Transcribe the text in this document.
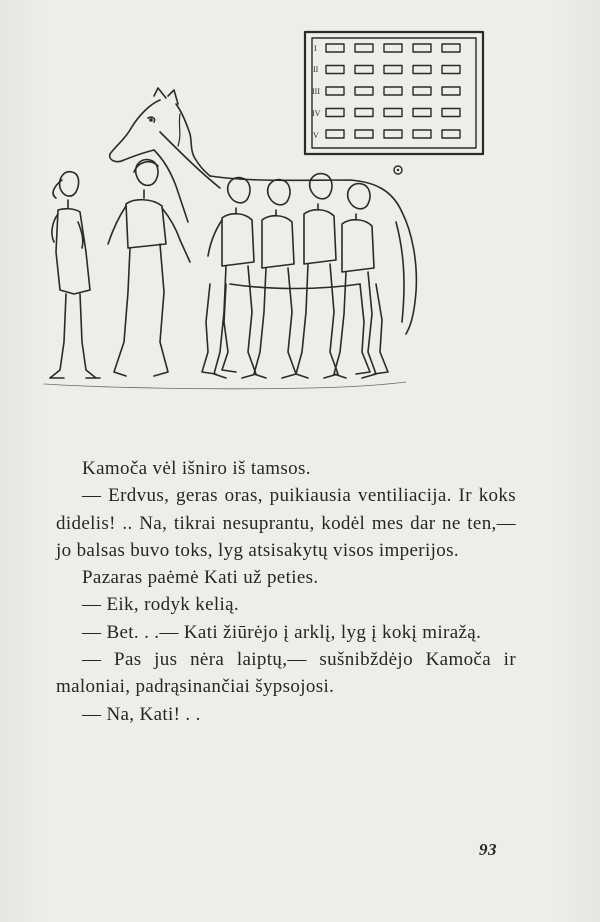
I
II
III
IV
V

Kamoča vėl išniro iš tamsos.

— Erdvus, geras oras, puikiausia ventiliacija. Ir koks didelis! .. Na, tikrai nesuprantu, kodėl mes dar ne ten,— jo balsas buvo toks, lyg atsisakytų visos imperijos.

Pazaras paėmė Kati už peties.

— Eik, rodyk kelią.

— Bet. . .— Kati žiūrėjo į arklį, lyg į kokį miražą.

— Pas jus nėra laiptų,— sušnibždėjo Kamoča ir maloniai, padrąsinančiai šypsojosi.

— Na, Kati! . .

93
